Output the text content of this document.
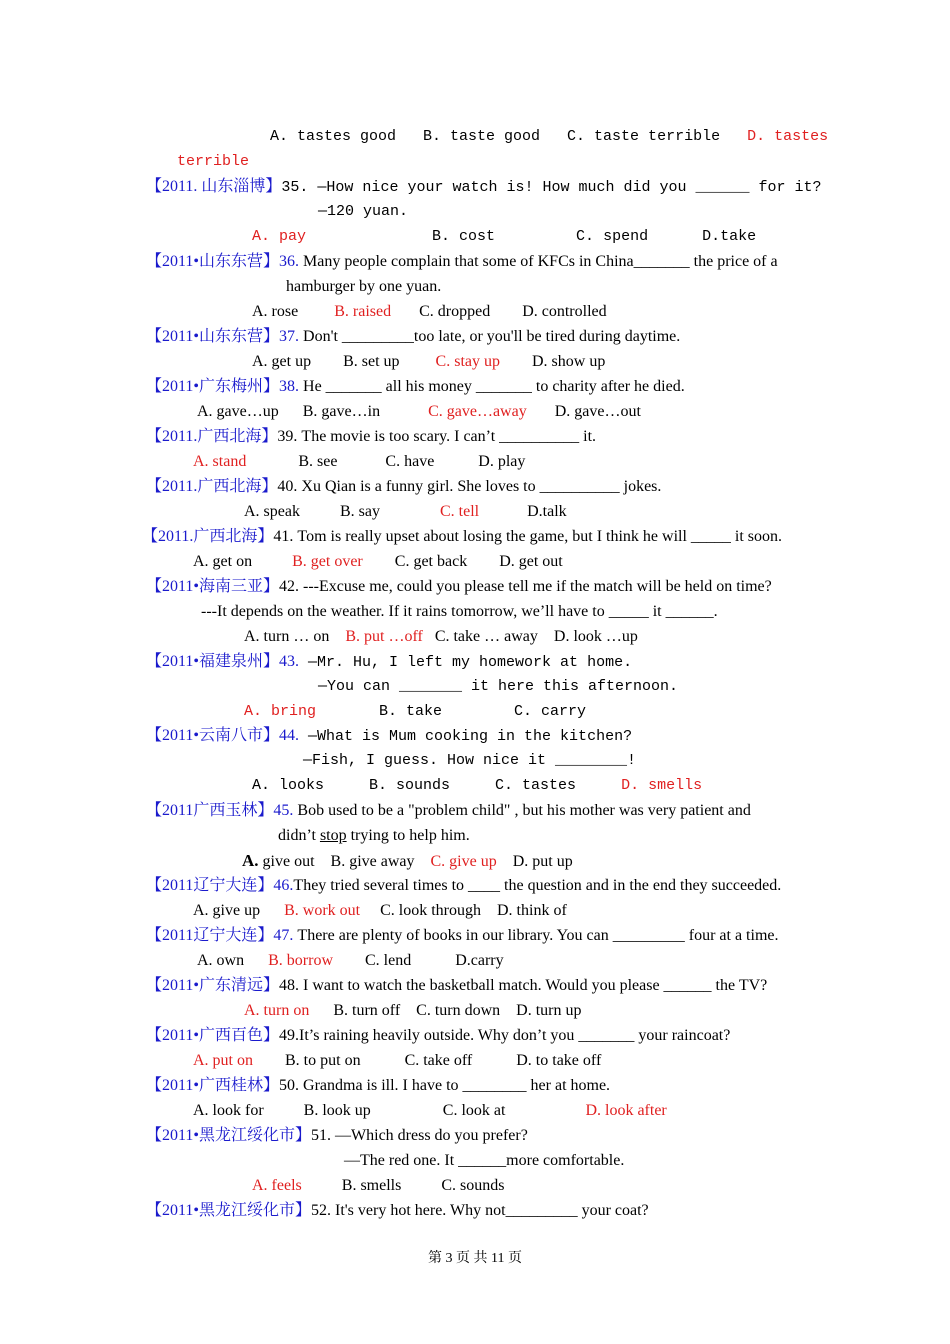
A. tastes good   B. taste good   C. taste terrible   D. tastes
terrible
【2011. 山东淄博】35. —How nice your watch is! How much did you ______ for it?
—120 yuan.
A. pay              B. cost         C. spend      D.take
【2011•山东东营】36. Many people complain that some of KFCs in China_______ the price of a
hamburger by one yuan.
A. rose         B. raised       C. dropped        D. controlled
【2011•山东东营】37. Don't _________too late, or you'll be tired during daytime.
A. get up        B. set up         C. stay up        D. show up
【2011•广东梅州】38. He _______ all his money _______ to charity after he died.
A. gave…up      B. gave…in            C. gave…away       D. gave…out
【2011.广西北海】39. The movie is too scary. I can’t __________ it.
A. stand             B. see            C. have           D. play
【2011.广西北海】40. Xu Qian is a funny girl. She loves to __________ jokes.
A. speak          B. say               C. tell            D.talk
【2011.广西北海】41. Tom is really upset about losing the game, but I think he will _____ it soon.
A. get on          B. get over        C. get back        D. get out
【2011•海南三亚】42. ---Excuse me, could you please tell me if the match will be held on time?
---It depends on the weather. If it rains tomorrow, we’ll have to _____ it ______.
A. turn … on    B. put …off   C. take … away    D. look …up
【2011•福建泉州】43. —Mr. Hu, I left my homework at home.
—You can _______ it here this afternoon.
A. bring       B. take        C. carry
【2011•云南八市】44. —What is Mum cooking in the kitchen?
—Fish, I guess. How nice it ________!
A. looks     B. sounds     C. tastes     D. smells
【2011广西玉林】45. Bob used to be a "problem child" , but his mother was very patient and
didn’t stop trying to help him.
A. give out    B. give away    C. give up    D. put up
【2011辽宁大连】46.They tried several times to ____ the question and in the end they succeeded.
A. give up      B. work out     C. look through    D. think of
【2011辽宁大连】47. There are plenty of books in our library. You can _________ four at a time.
A. own      B. borrow        C. lend           D.carry
【2011•广东清远】48. I want to watch the basketball match. Would you please ______ the TV?
A. turn on      B. turn off    C. turn down    D. turn up
【2011•广西百色】49.It’s raining heavily outside. Why don’t you _______ your raincoat?
A. put on        B. to put on           C. take off           D. to take off
【2011•广西桂林】50. Grandma is ill. I have to ________ her at home.
A. look for          B. look up                  C. look at                    D. look after
【2011•黑龙江绥化市】51. —Which dress do you prefer?
—The red one. It ______more comfortable.
A. feels          B. smells          C. sounds
【2011•黑龙江绥化市】52. It's very hot here. Why not_________ your coat?
第 3 页 共 11 页
